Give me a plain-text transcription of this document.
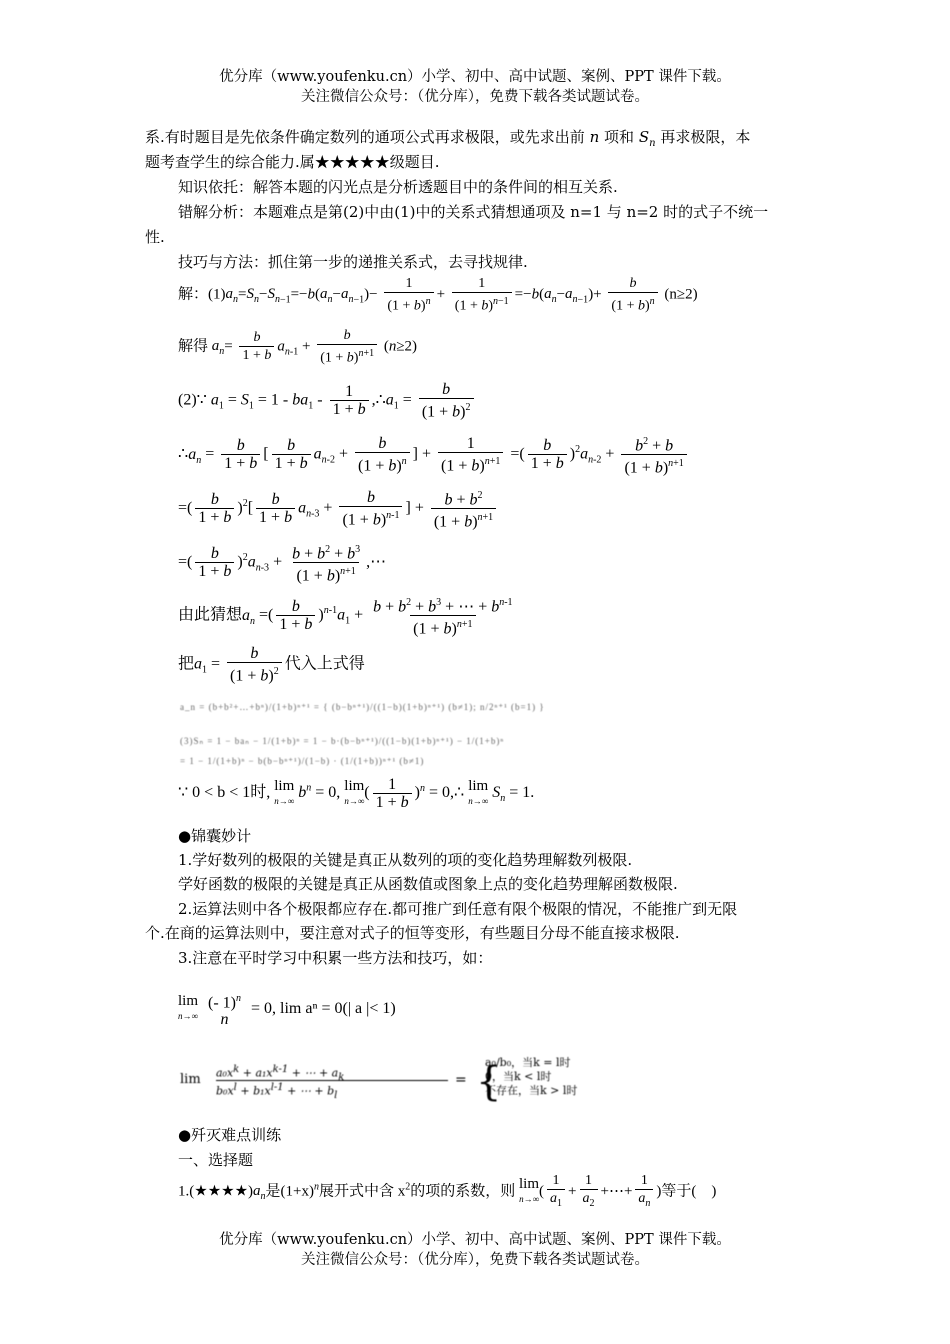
优分库（www.youfenku.cn）小学、初中、高中试题、案例、PPT 课件下载。
关注微信公众号：（优分库），免费下载各类试题试卷。
系.有时题目是先依条件确定数列的通项公式再求极限，或先求出前 n 项和 $S_n$ 再求极限，本
题考查学生的综合能力.属★★★★★级题目.
知识依托：解答本题的闪光点是分析透题目中的条件间的相互关系.
错解分析：本题难点是第(2)中由(1)中的关系式猜想通项及 n=1 与 n=2 时的式子不统一
性.
技巧与方法：抓住第一步的递推关系式，去寻找规律.
解：$(1)a_n=S_n-S_{n-1}=-b(a_n-a_{n-1})- \frac{1}{(1 + b)^n} + \frac{1}{(1 + b)^{n-1}} =-b(a_n-a_{n-1})+ \frac{b}{(1 + b)^n} (n\ge 2)$
解得 $a_n= \frac{b}{1 + b} a_{n-1} + \frac{b}{(1 + b)^{n+1}} (n\ge 2)$
(2)∵ $a_1 = S_1 = 1 - ba_1 - \frac{1}{1 + b}$ $,\therefore a_1 = \frac{b}{(1 + b)^2}$
$\therefore a_n = \frac{b}{1 + b}$ [ $\frac{b}{1 + b} a_{n-2} + \frac{b}{(1 + b)^n}$ ] + $\frac{1}{(1 + b)^{n+1}}$ =( $\frac{b}{1 + b} )^2a_{n-2} + \frac{b^2 + b}{(1 + b)^{n+1}}$
=( $\frac{b}{1 + b} )^2[ \frac{b}{1 + b} a_{n-3} + \frac{b}{(1 + b)^{n-1}}$ ] + $\frac{b + b^2}{(1 + b)^{n+1}}$
=( $\frac{b}{1 + b} )^2a_{n-3} + \frac{b + b^2 + b^3}{(1 + b)^{n+1}}$ ,⋯
由此猜想$a_n$ =( $\frac{b}{1 + b} )^{n-1}a_1 + \frac{b + b^2 + b^3 + \cdots + b^{n-1}}{(1 + b)^{n+1}}$
把$a_1 = \frac{b}{(1 + b)^2}$ 代入上式得
a_n = (b+b²+…+bⁿ)/(1+b)ⁿ⁺¹ = { (b−bⁿ⁺¹)/((1−b)(1+b)ⁿ⁺¹) (b≠1); n/2ⁿ⁺¹ (b=1) }
(3)Sₙ = 1 − baₙ − 1/(1+b)ⁿ = 1 − b·(b−bⁿ⁺¹)/((1−b)(1+b)ⁿ⁺¹) − 1/(1+b)ⁿ
= 1 − 1/(1+b)ⁿ − b(b−bⁿ⁺¹)/(1−b) · (1/(1+b))ⁿ⁺¹ (b≠1)
∵ 0 < b < 1时, lim
n→∞ $b^n = 0$, lim
n→∞ ( $\frac{1}{1 + b} )^n$ = 0,∴ lim
n→∞ $S_n = 1$.
●锦囊妙计
1.学好数列的极限的关键是真正从数列的项的变化趋势理解数列极限.
学好函数的极限的关键是真正从函数值或图象上点的变化趋势理解函数极限.
2.运算法则中各个极限都应存在.都可推广到任意有限个极限的情况，不能推广到无限
个.在商的运算法则中，要注意对式子的恒等变形，有些题目分母不能直接求极限.
3.注意在平时学习中积累一些方法和技巧，如：
lim
n→∞

(- 1)$^n$
n
= 0, lim aⁿ = 0(| a |< 1)
$\lim a_0x^k + a_1x^{k-1}$ + ⋯ + $a_k$
$b_0x^l + b_1x^{l-1}$ + ⋯ + $b_l$
= {
a₀/b₀，当k = l时
0，当k < l时
不存在，当k > l时
●歼灭难点训练
一、选择题
$1.(★★★★)a_n$是$(1+x)^n$展开式中含 $x^2$的项的系数，则 lim
n→∞ ( $\frac{1}{a_1} + \frac{1}{a_2}$ +⋯+ $\frac{1}{a_n}$ )等于(　)
优分库（www.youfenku.cn）小学、初中、高中试题、案例、PPT 课件下载。
关注微信公众号：（优分库），免费下载各类试题试卷。
